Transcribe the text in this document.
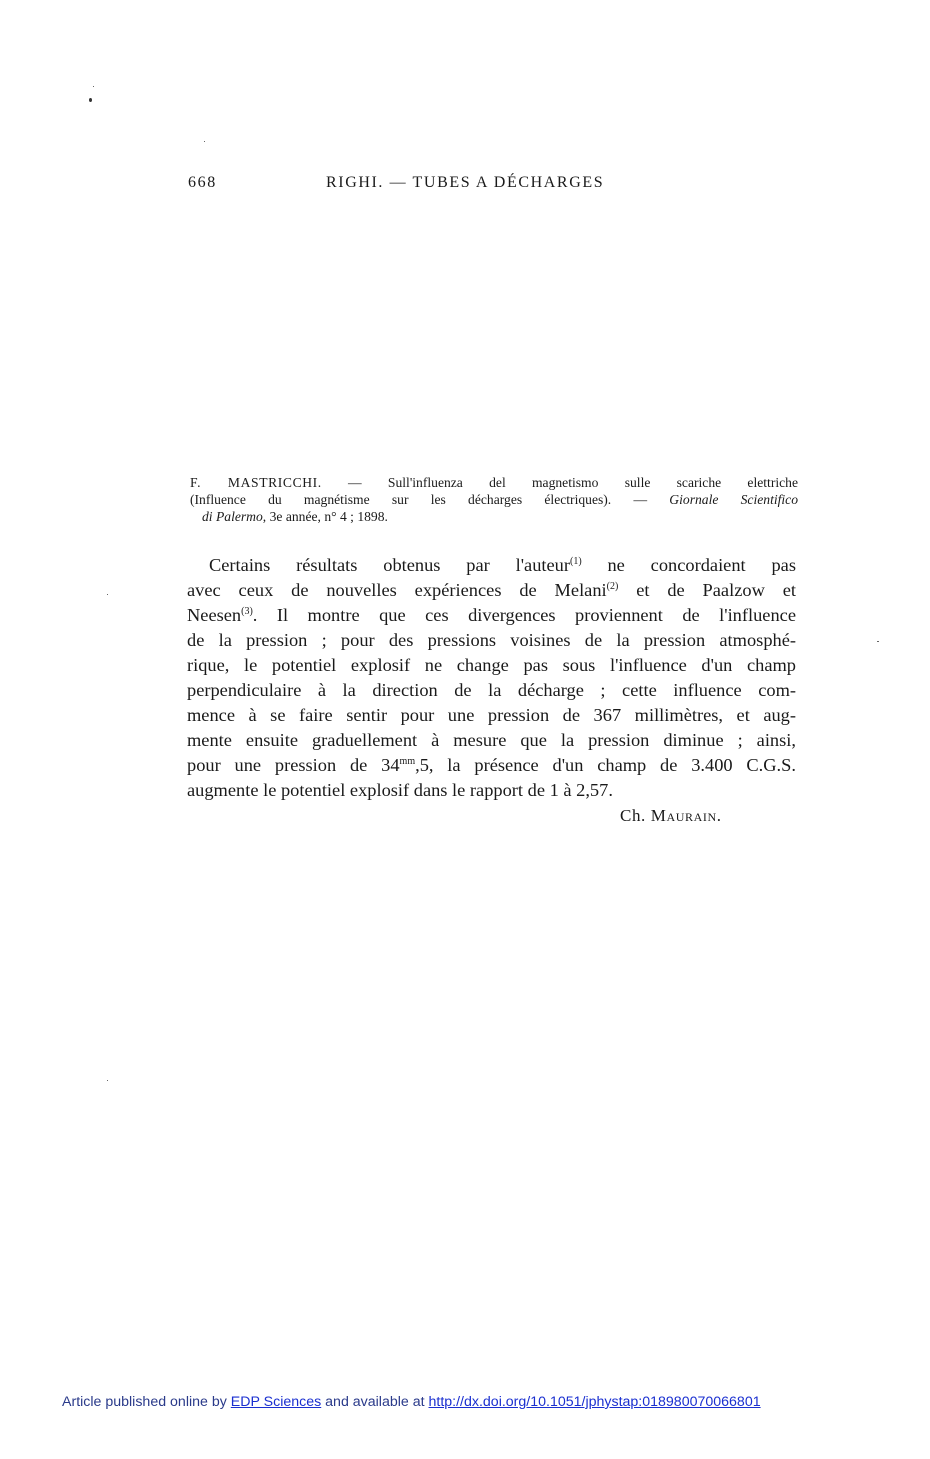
668	RIGHI. — TUBES A DÉCHARGES
F. MASTRICCHI. — Sull'influenza del magnetismo sulle scariche elettriche
(Influence du magnétisme sur les décharges électriques). — Giornale Scientifico
di Palermo, 3e année, n° 4 ; 1898.
Certains résultats obtenus par l'auteur$^{(1)}$ ne concordaient pas
avec ceux de nouvelles expériences de Melani$^{(2)}$ et de Paalzow et
Neesen$^{(3)}$. Il montre que ces divergences proviennent de l'influence
de la pression ; pour des pressions voisines de la pression atmosphé-
rique, le potentiel explosif ne change pas sous l'influence d'un champ
perpendiculaire à la direction de la décharge ; cette influence com-
mence à se faire sentir pour une pression de 367 millimètres, et aug-
mente ensuite graduellement à mesure que la pression diminue ; ainsi,
pour une pression de $34^{mm},5$, la présence d'un champ de 3.400 C.G.S.
augmente le potentiel explosif dans le rapport de 1 à 2,57.
Ch. Maurain.
Article published online by EDP Sciences and available at http://dx.doi.org/10.1051/jphystap:018980070066801
